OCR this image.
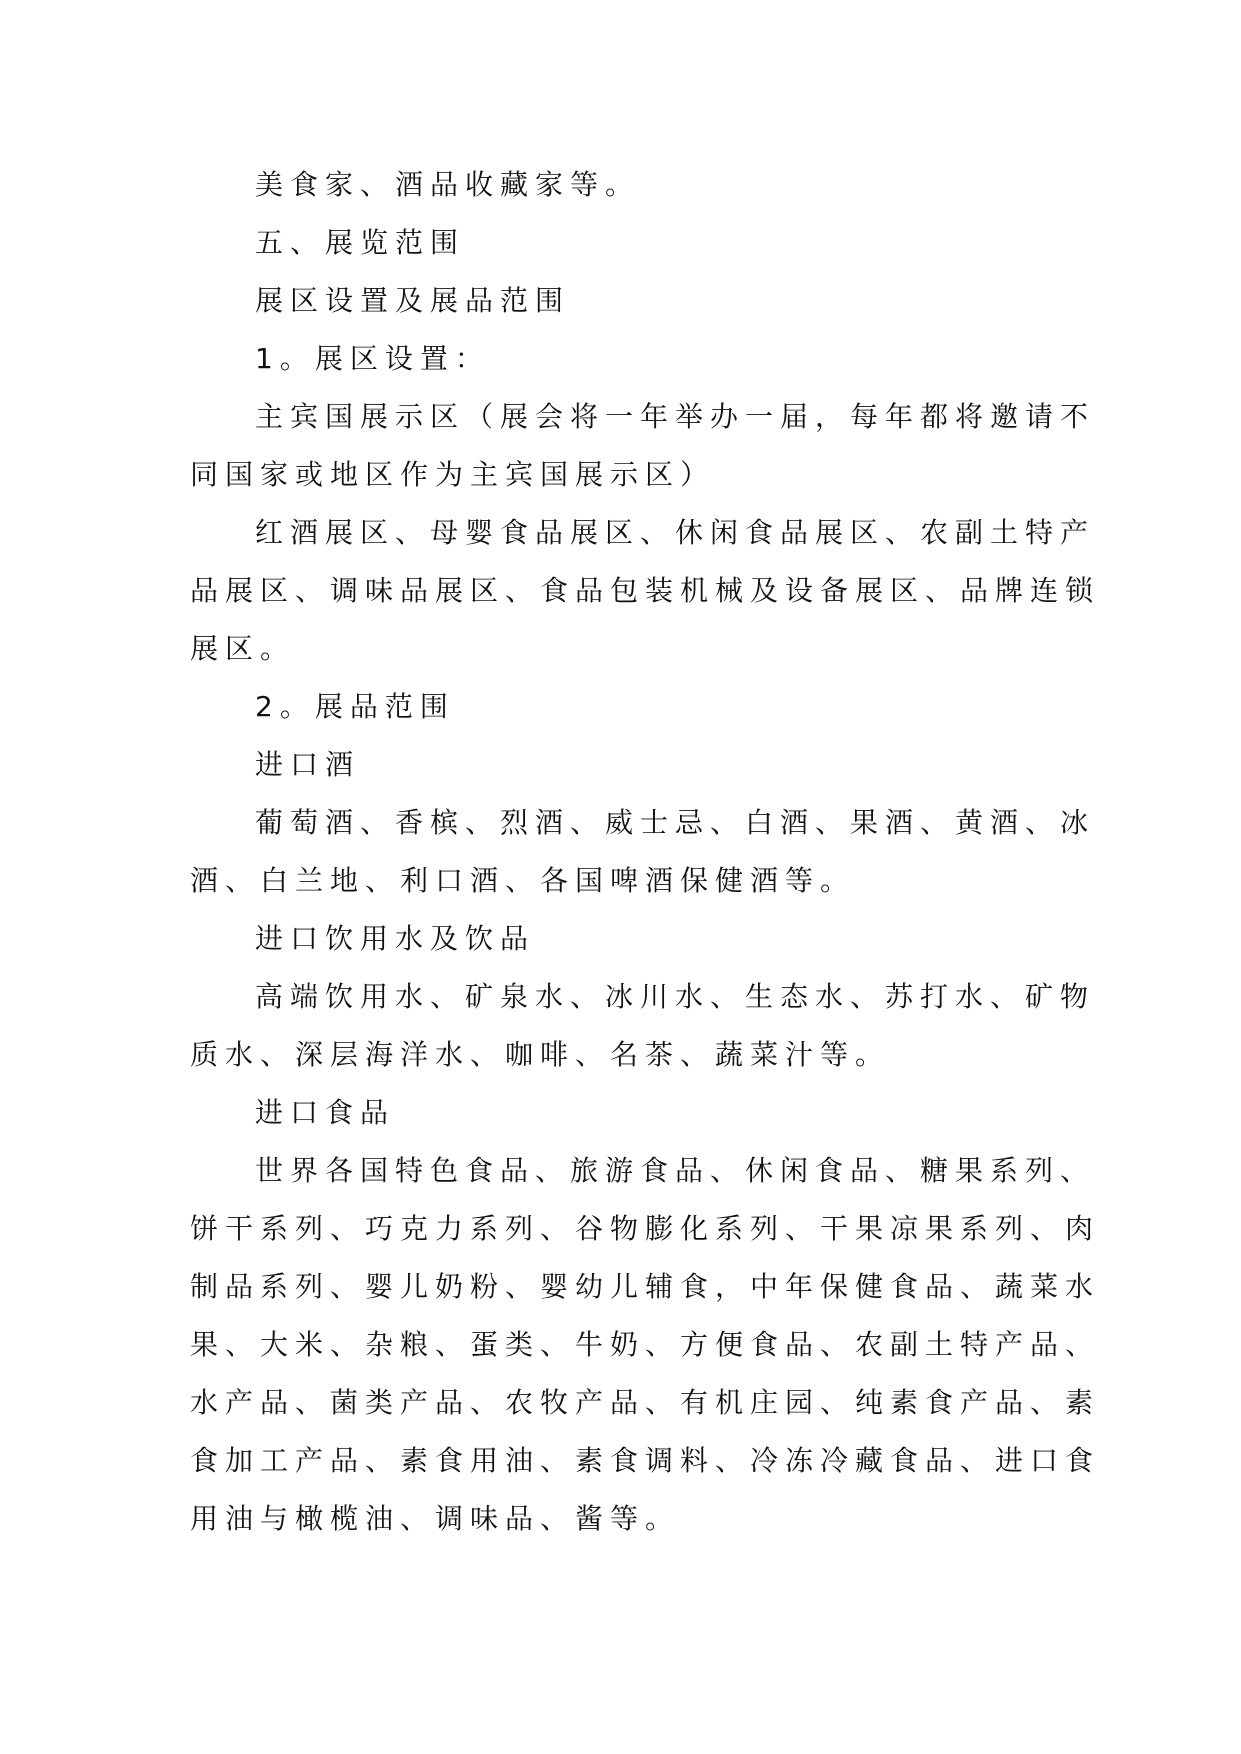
美食家、酒品收藏家等。
五、展览范围
展区设置及展品范围
1。展区设置：
主宾国展示区（展会将一年举办一届，每年都将邀请不
同国家或地区作为主宾国展示区）
红酒展区、母婴食品展区、休闲食品展区、农副土特产
品展区、调味品展区、食品包装机械及设备展区、品牌连锁
展区。
2。展品范围
进口酒
葡萄酒、香槟、烈酒、威士忌、白酒、果酒、黄酒、冰
酒、白兰地、利口酒、各国啤酒保健酒等。
进口饮用水及饮品
高端饮用水、矿泉水、冰川水、生态水、苏打水、矿物
质水、深层海洋水、咖啡、名茶、蔬菜汁等。
进口食品
世界各国特色食品、旅游食品、休闲食品、糖果系列、
饼干系列、巧克力系列、谷物膨化系列、干果凉果系列、肉
制品系列、婴儿奶粉、婴幼儿辅食，中年保健食品、蔬菜水
果、大米、杂粮、蛋类、牛奶、方便食品、农副土特产品、
水产品、菌类产品、农牧产品、有机庄园、纯素食产品、素
食加工产品、素食用油、素食调料、冷冻冷藏食品、进口食
用油与橄榄油、调味品、酱等。
